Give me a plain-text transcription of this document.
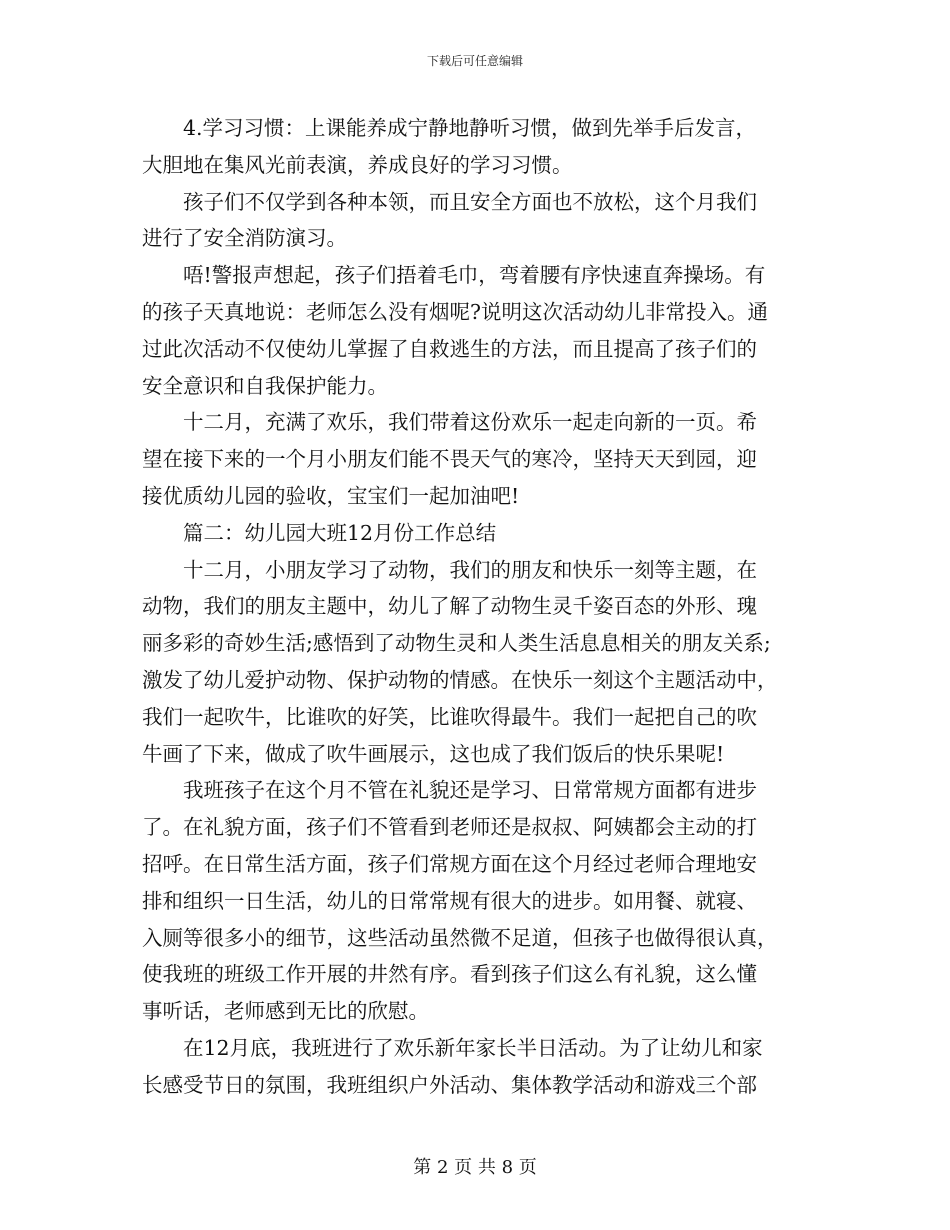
下载后可任意编辑
4.学习习惯：上课能养成宁静地静听习惯，做到先举手后发言，
大胆地在集风光前表演，养成良好的学习习惯。
孩子们不仅学到各种本领，而且安全方面也不放松，这个月我们
进行了安全消防演习。
唔!警报声想起，孩子们捂着毛巾，弯着腰有序快速直奔操场。有
的孩子天真地说：老师怎么没有烟呢?说明这次活动幼儿非常投入。通
过此次活动不仅使幼儿掌握了自救逃生的方法，而且提高了孩子们的
安全意识和自我保护能力。
十二月，充满了欢乐，我们带着这份欢乐一起走向新的一页。希
望在接下来的一个月小朋友们能不畏天气的寒冷，坚持天天到园，迎
接优质幼儿园的验收，宝宝们一起加油吧!
篇二：幼儿园大班12月份工作总结
十二月，小朋友学习了动物，我们的朋友和快乐一刻等主题，在
动物，我们的朋友主题中，幼儿了解了动物生灵千姿百态的外形、瑰
丽多彩的奇妙生活;感悟到了动物生灵和人类生活息息相关的朋友关系;
激发了幼儿爱护动物、保护动物的情感。在快乐一刻这个主题活动中，
我们一起吹牛，比谁吹的好笑，比谁吹得最牛。我们一起把自己的吹
牛画了下来，做成了吹牛画展示，这也成了我们饭后的快乐果呢!
我班孩子在这个月不管在礼貌还是学习、日常常规方面都有进步
了。在礼貌方面，孩子们不管看到老师还是叔叔、阿姨都会主动的打
招呼。在日常生活方面，孩子们常规方面在这个月经过老师合理地安
排和组织一日生活，幼儿的日常常规有很大的进步。如用餐、就寝、
入厕等很多小的细节，这些活动虽然微不足道，但孩子也做得很认真，
使我班的班级工作开展的井然有序。看到孩子们这么有礼貌，这么懂
事听话，老师感到无比的欣慰。
在12月底，我班进行了欢乐新年家长半日活动。为了让幼儿和家
长感受节日的氛围，我班组织户外活动、集体教学活动和游戏三个部
第 2 页 共 8 页
